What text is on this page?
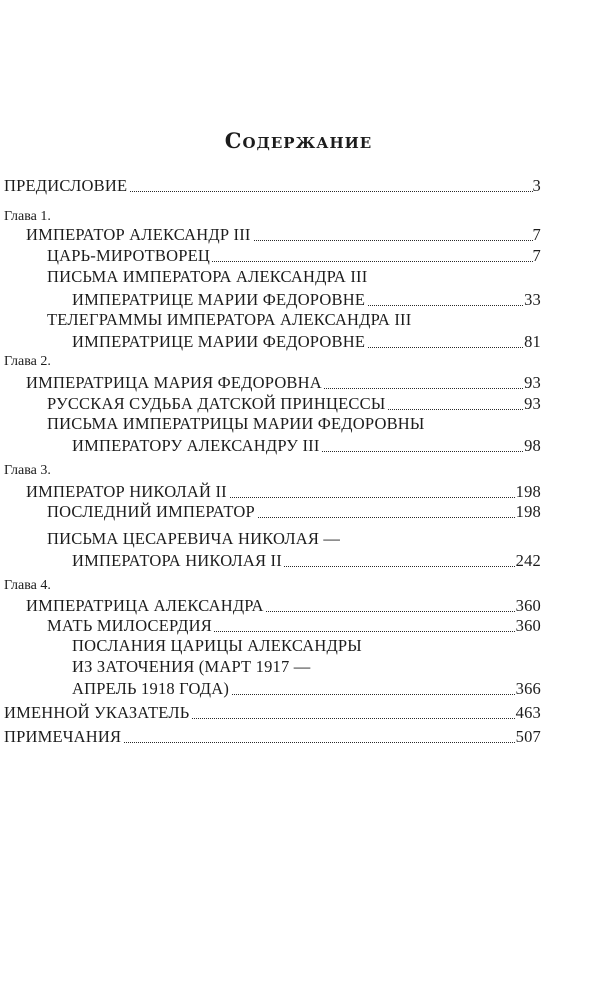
Содержание
ПРЕДИСЛОВИЕ	3
Глава 1.
ИМПЕРАТОР АЛЕКСАНДР III	7
ЦАРЬ-МИРОТВОРЕЦ	7
ПИСЬМА ИМПЕРАТОРА АЛЕКСАНДРА III
ИМПЕРАТРИЦЕ МАРИИ ФЕДОРОВНЕ	33
ТЕЛЕГРАММЫ ИМПЕРАТОРА АЛЕКСАНДРА III
ИМПЕРАТРИЦЕ МАРИИ ФЕДОРОВНЕ	81
Глава 2.
ИМПЕРАТРИЦА МАРИЯ ФЕДОРОВНА	93
РУССКАЯ СУДЬБА ДАТСКОЙ ПРИНЦЕССЫ	93
ПИСЬМА ИМПЕРАТРИЦЫ МАРИИ ФЕДОРОВНЫ
ИМПЕРАТОРУ АЛЕКСАНДРУ III	98
Глава 3.
ИМПЕРАТОР НИКОЛАЙ II	198
ПОСЛЕДНИЙ ИМПЕРАТОР	198
ПИСЬМА ЦЕСАРЕВИЧА НИКОЛАЯ —
ИМПЕРАТОРА НИКОЛАЯ II	242
Глава 4.
ИМПЕРАТРИЦА АЛЕКСАНДРА	360
МАТЬ МИЛОСЕРДИЯ	360
ПОСЛАНИЯ ЦАРИЦЫ АЛЕКСАНДРЫ
ИЗ ЗАТОЧЕНИЯ (МАРТ 1917 —
АПРЕЛЬ 1918 ГОДА)	366
ИМЕННОЙ УКАЗАТЕЛЬ	463
ПРИМЕЧАНИЯ	507
